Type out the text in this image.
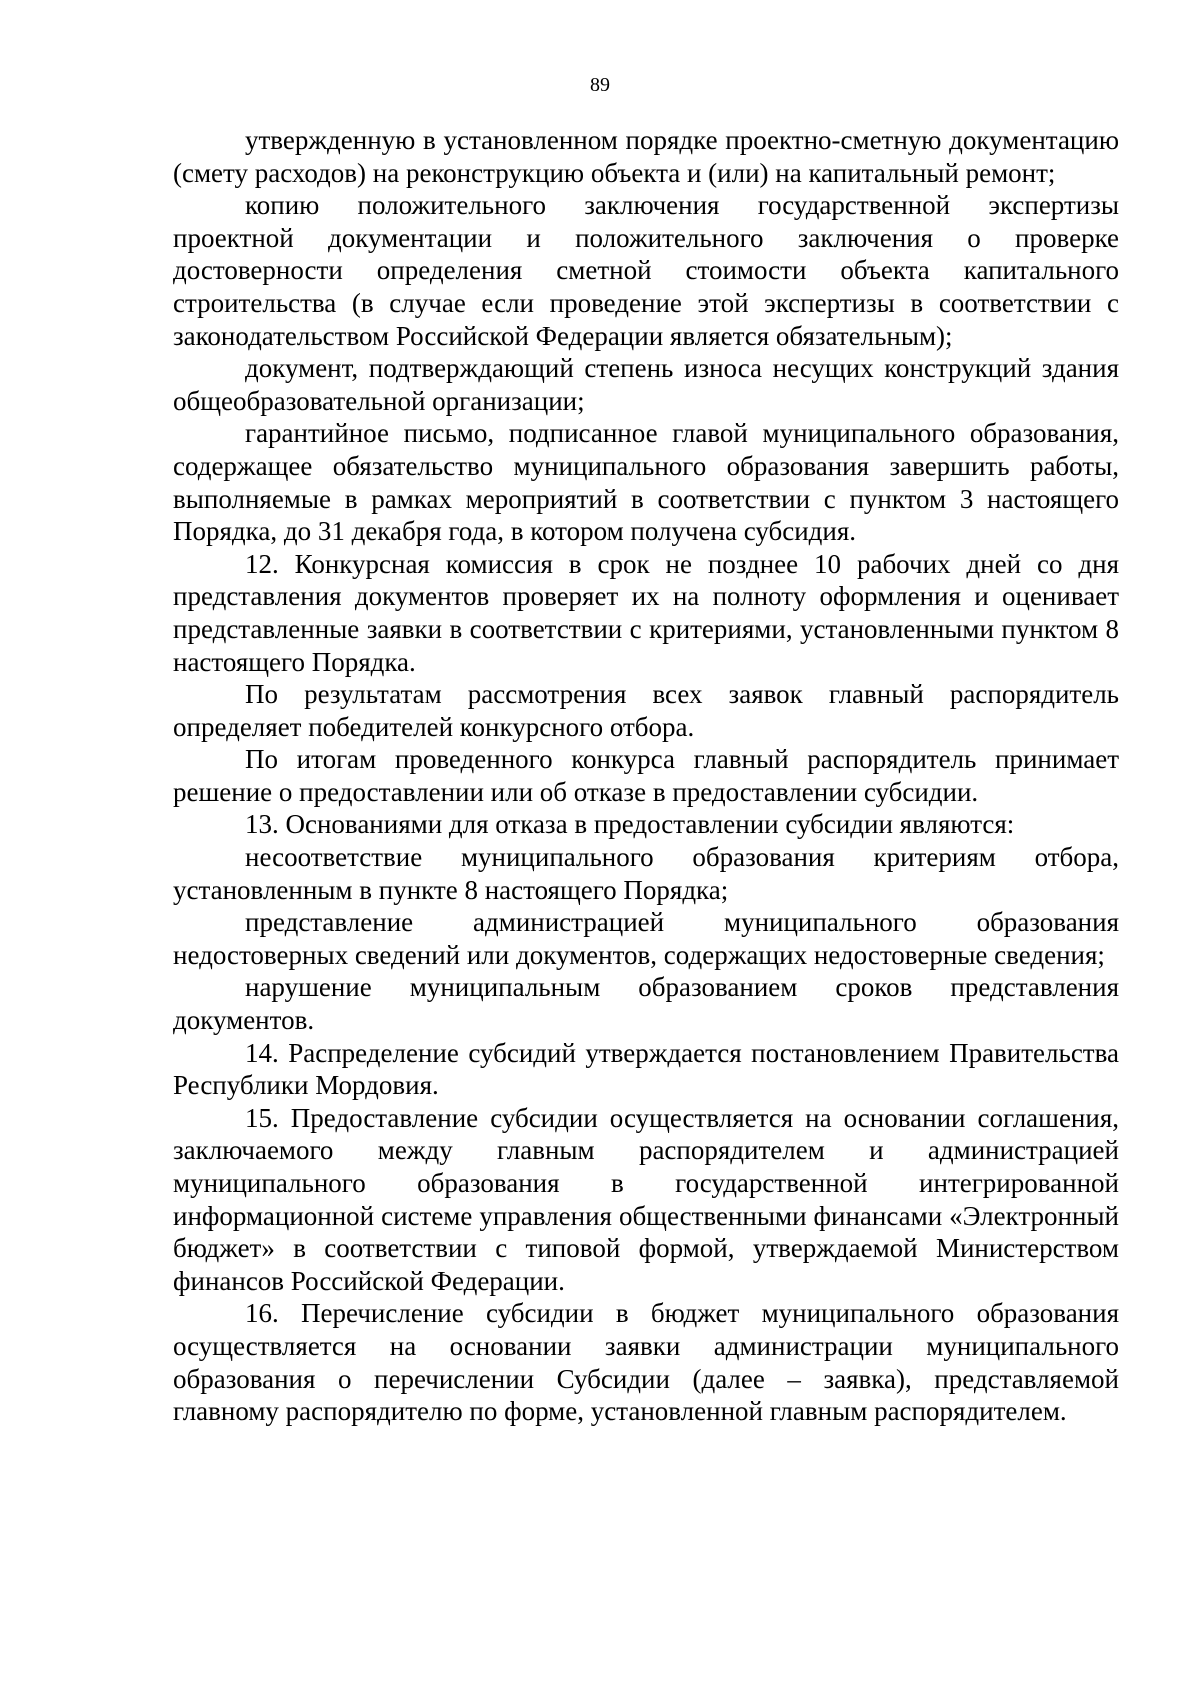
89

утвержденную в установленном порядке проектно-сметную документацию (смету расходов) на реконструкцию объекта и (или) на капитальный ремонт;

копию положительного заключения государственной экспертизы проектной документации и положительного заключения о проверке достоверности определения сметной стоимости объекта капитального строительства (в случае если проведение этой экспертизы в соответствии с законодательством Российской Федерации является обязательным);

документ, подтверждающий степень износа несущих конструкций здания общеобразовательной организации;

гарантийное письмо, подписанное главой муниципального образования, содержащее обязательство муниципального образования завершить работы, выполняемые в рамках мероприятий в соответствии с пунктом 3 настоящего Порядка, до 31 декабря года, в котором получена субсидия.

12. Конкурсная комиссия в срок не позднее 10 рабочих дней со дня представления документов проверяет их на полноту оформления и оценивает представленные заявки в соответствии с критериями, установленными пунктом 8 настоящего Порядка.

По результатам рассмотрения всех заявок главный распорядитель определяет победителей конкурсного отбора.

По итогам проведенного конкурса главный распорядитель принимает решение о предоставлении или об отказе в предоставлении субсидии.

13. Основаниями для отказа в предоставлении субсидии являются:

несоответствие муниципального образования критериям отбора, установленным в пункте 8 настоящего Порядка;

представление администрацией муниципального образования недостоверных сведений или документов, содержащих недостоверные сведения;

нарушение муниципальным образованием сроков представления документов.

14. Распределение субсидий утверждается постановлением Правительства Республики Мордовия.

15. Предоставление субсидии осуществляется на основании соглашения, заключаемого между главным распорядителем и администрацией муниципального образования в государственной интегрированной информационной системе управления общественными финансами «Электронный бюджет» в соответствии с типовой формой, утверждаемой Министерством финансов Российской Федерации.

16. Перечисление субсидии в бюджет муниципального образования осуществляется на основании заявки администрации муниципального образования о перечислении Субсидии (далее – заявка), представляемой главному распорядителю по форме, установленной главным распорядителем.
